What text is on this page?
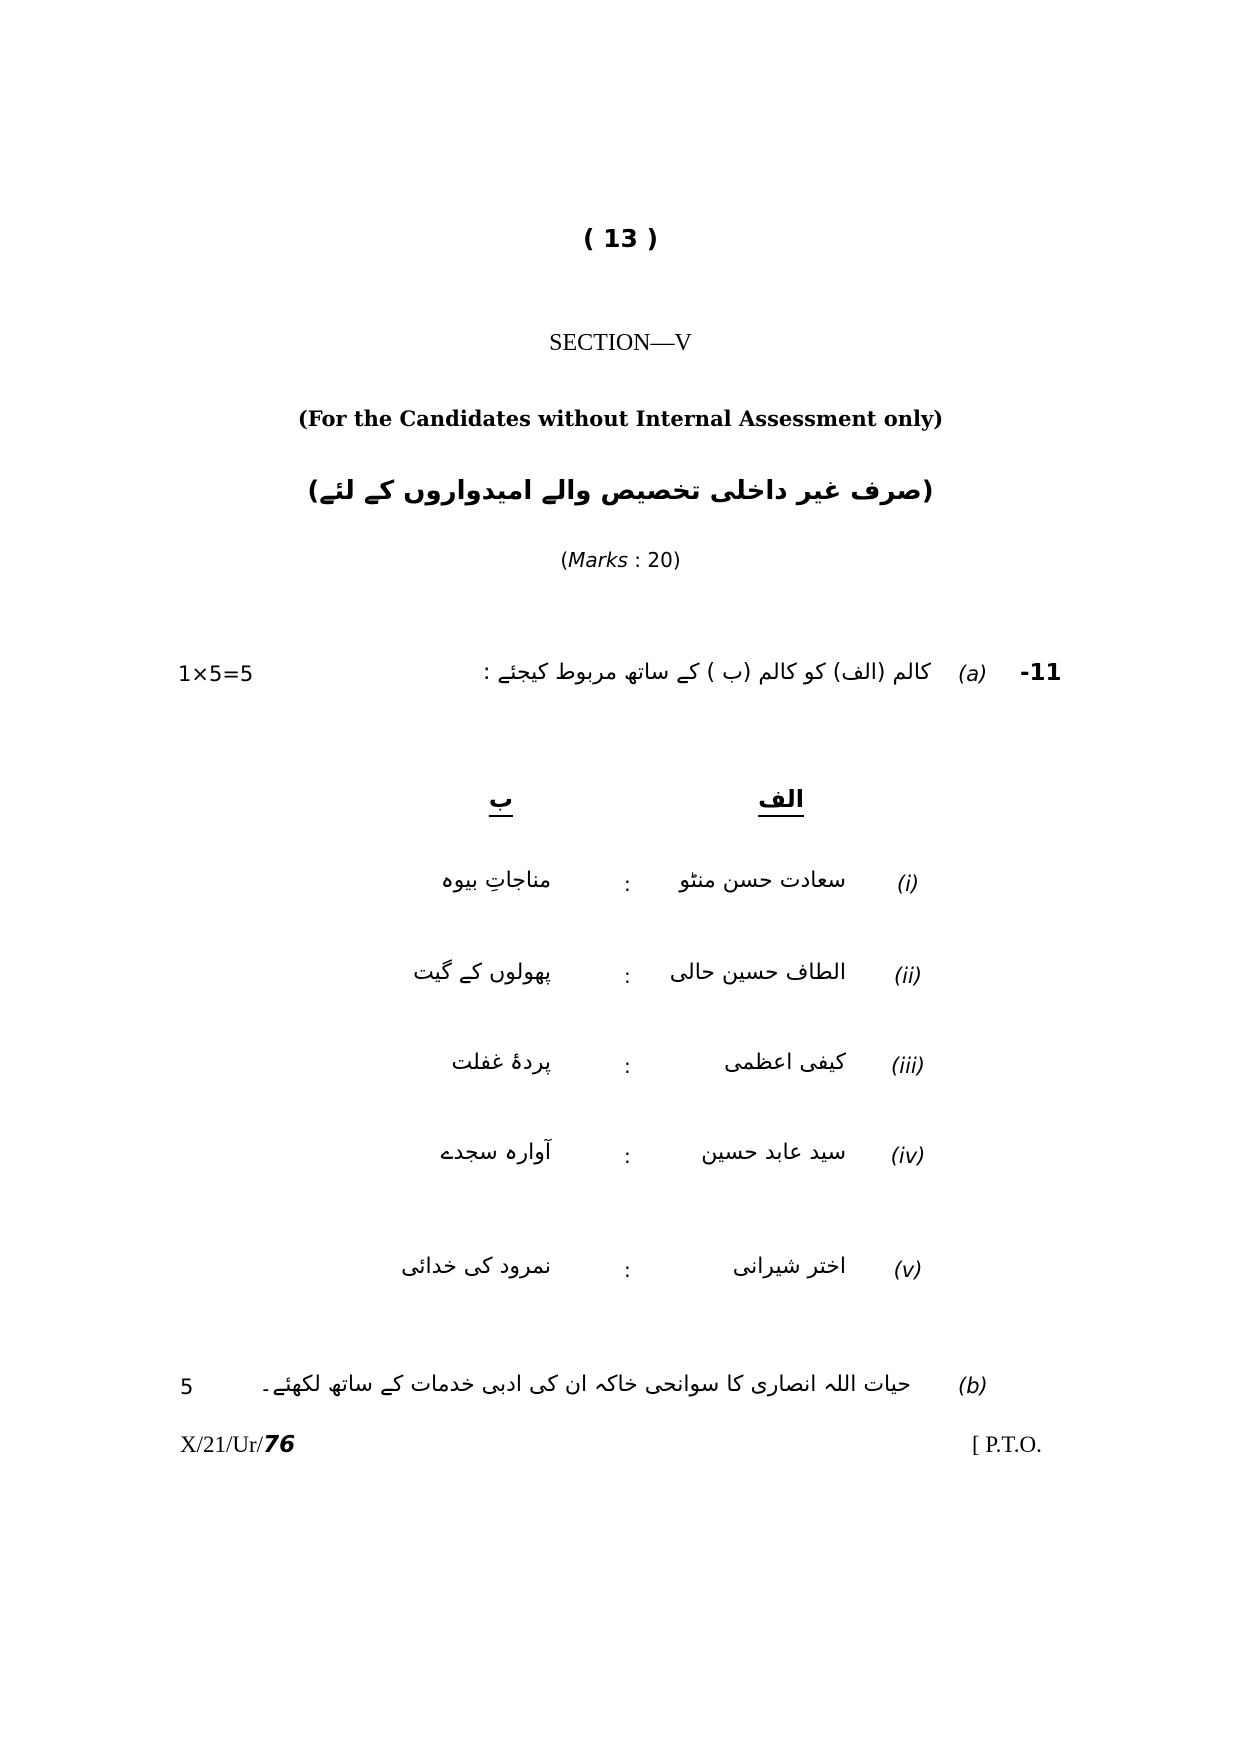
( 13 )
SECTION—V
(For the Candidates without Internal Assessment only)
(صرف غیر داخلی تخصیص والے امیدواروں کے لئے)
(Marks : 20)
1×5=5	-11
(a)
کالم (الف) کو کالم (ب ) کے ساتھ مربوط کیجئے :
الف
ب
(i)
سعادت حسن منٹو
:
مناجاتِ بیوہ
(ii)
الطاف حسین حالی
:
پھولوں کے گیت
(iii)
کیفی اعظمی
:
پردۂ غفلت
(iv)
سید عابد حسین
:
آوارہ سجدے
(v)
اختر شیرانی
:
نمرود کی خدائی
(b)
حیات اللہ انصاری کا سوانحی خاکہ ان کی ادبی خدمات کے ساتھ لکھئے۔
5
X/21/Ur/76	[ P.T.O.
